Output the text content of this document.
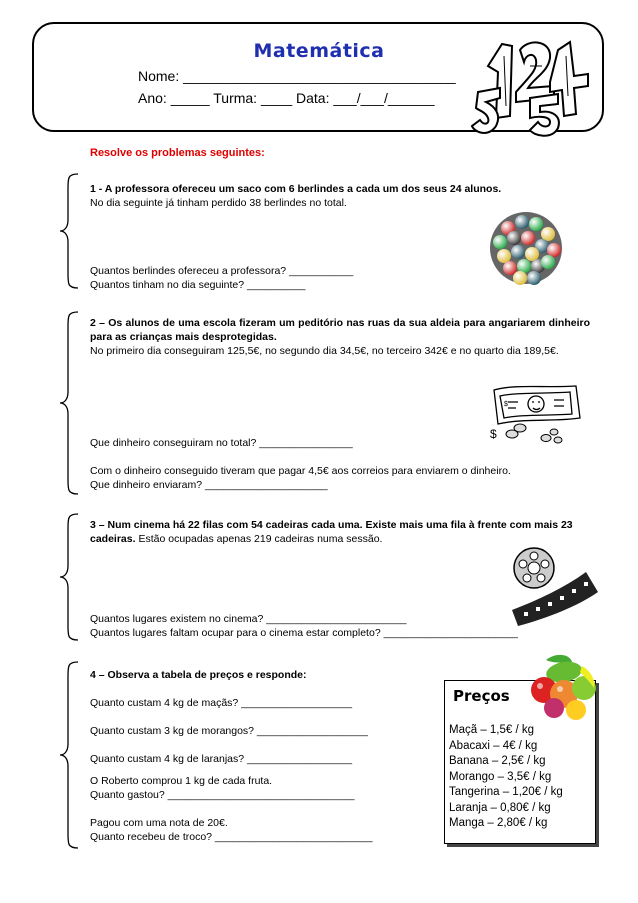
Matemática
Nome: ___________________________________
Ano: _____ Turma: ____ Data: ___/___/______
Resolve os problemas seguintes:

1 - A professora ofereceu um saco com 6 berlindes a cada um dos seus 24 alunos.

No dia seguinte já tinham perdido 38 berlindes no total.

Quantos berlindes ofereceu a professora? ___________

Quantos tinham no dia seguinte? __________

2 – Os alunos de uma escola fizeram um peditório nas ruas da sua aldeia para angariarem dinheiro para as crianças mais desprotegidas.

No primeiro dia conseguiram 125,5€, no segundo dia 34,5€, no terceiro 342€ e no quarto dia 189,5€.

Que dinheiro conseguiram no total? ________________

Com o dinheiro conseguido tiveram que pagar 4,5€ aos correios para enviarem o dinheiro.

Que dinheiro enviaram? _____________________

$
$

3 – Num cinema há 22 filas com 54 cadeiras cada uma. Existe mais uma fila à frente com mais 23 cadeiras. Estão ocupadas apenas 219 cadeiras numa sessão.

Quantos lugares existem no cinema? ________________________

Quantos lugares faltam ocupar para o cinema estar completo? _______________________

4 – Observa a tabela de preços e responde:

Quanto custam 4 kg de maçãs? ___________________

Quanto custam 3 kg de morangos? ___________________

Quanto custam 4 kg de laranjas? __________________

O Roberto comprou 1 kg de cada fruta.

Quanto gastou? ________________________________

Pagou com uma nota de 20€.

Quanto recebeu de troco? ___________________________

Preços
Maçã – 1,5€ / kg
Abacaxi – 4€ / kg
Banana – 2,5€ / kg
Morango – 3,5€ / kg
Tangerina – 1,20€ / kg
Laranja – 0,80€ / kg
Manga – 2,80€ / kg
